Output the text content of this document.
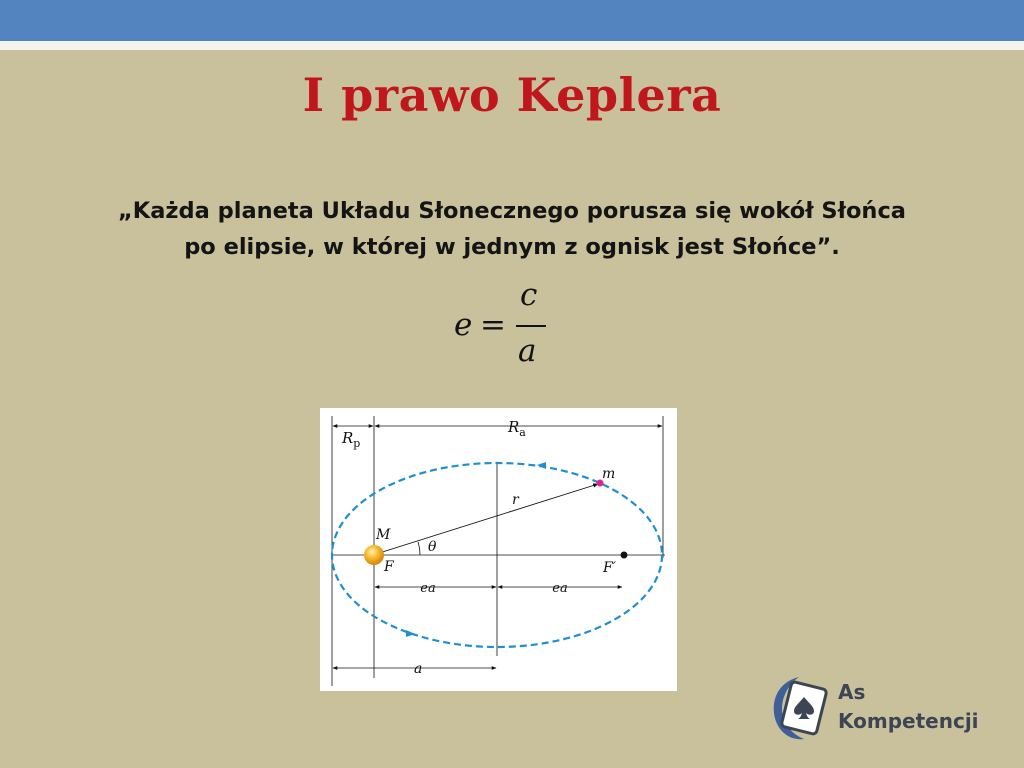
I prawo Keplera
„Każda planeta Układu Słonecznego porusza się wokół Słońca
po elipsie, w której w jednym z ognisk jest Słońce”.
e =
c
a
$R_p$
$R_a$
m
r
M
θ
F	F′
ea	ea
a
As
Kompetencji
